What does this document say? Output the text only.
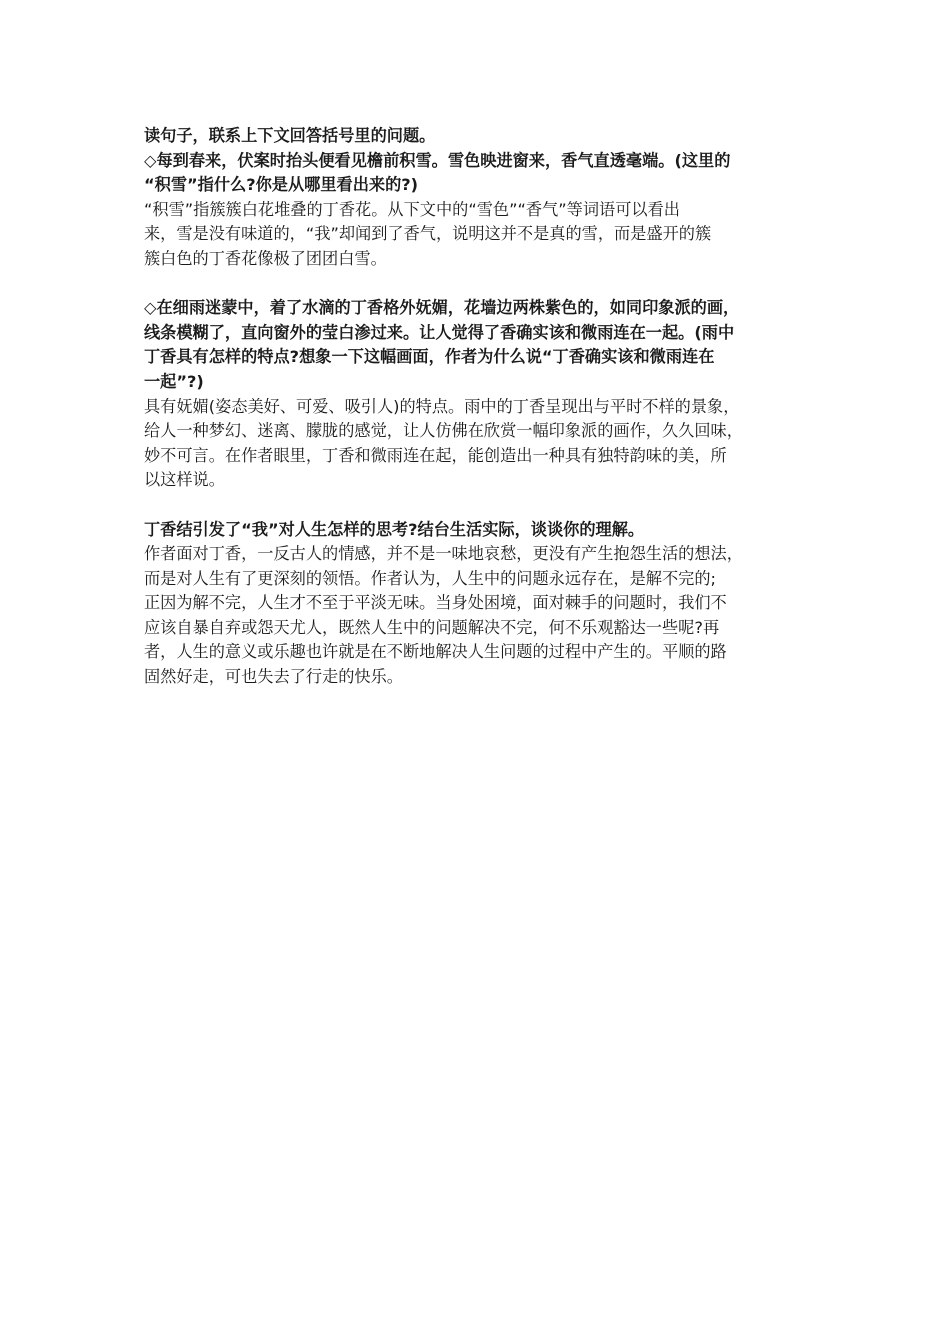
读句子，联系上下文回答括号里的问题。
◇每到春来，伏案时抬头便看见檐前积雪。雪色映进窗来，香气直透毫端。(这里的
“积雪”指什么?你是从哪里看出来的?)
“积雪”指簇簇白花堆叠的丁香花。从下文中的“雪色”“香气”等词语可以看出
来，雪是没有味道的，“我”却闻到了香气，说明这并不是真的雪，而是盛开的簇
簇白色的丁香花像极了团团白雪。
◇在细雨迷蒙中，着了水滴的丁香格外妩媚，花墙边两株紫色的，如同印象派的画，
线条模糊了，直向窗外的莹白渗过来。让人觉得了香确实该和微雨连在一起。(雨中
丁香具有怎样的特点?想象一下这幅画面，作者为什么说“丁香确实该和微雨连在
一起”?)
具有妩媚(姿态美好、可爱、吸引人)的特点。雨中的丁香呈现出与平时不样的景象，
给人一种梦幻、迷离、朦胧的感觉，让人仿佛在欣赏一幅印象派的画作，久久回味，
妙不可言。在作者眼里，丁香和微雨连在起，能创造出一种具有独特韵味的美，所
以这样说。
丁香结引发了“我”对人生怎样的思考?结台生活实际，谈谈你的理解。
作者面对丁香，一反古人的情感，并不是一味地哀愁，更没有产生抱怨生活的想法，
而是对人生有了更深刻的领悟。作者认为，人生中的问题永远存在，是解不完的;
正因为解不完，人生才不至于平淡无味。当身处困境，面对棘手的问题时，我们不
应该自暴自弃或怨天尤人，既然人生中的问题解决不完，何不乐观豁达一些呢?再
者，人生的意义或乐趣也许就是在不断地解决人生问题的过程中产生的。平顺的路
固然好走，可也失去了行走的快乐。
